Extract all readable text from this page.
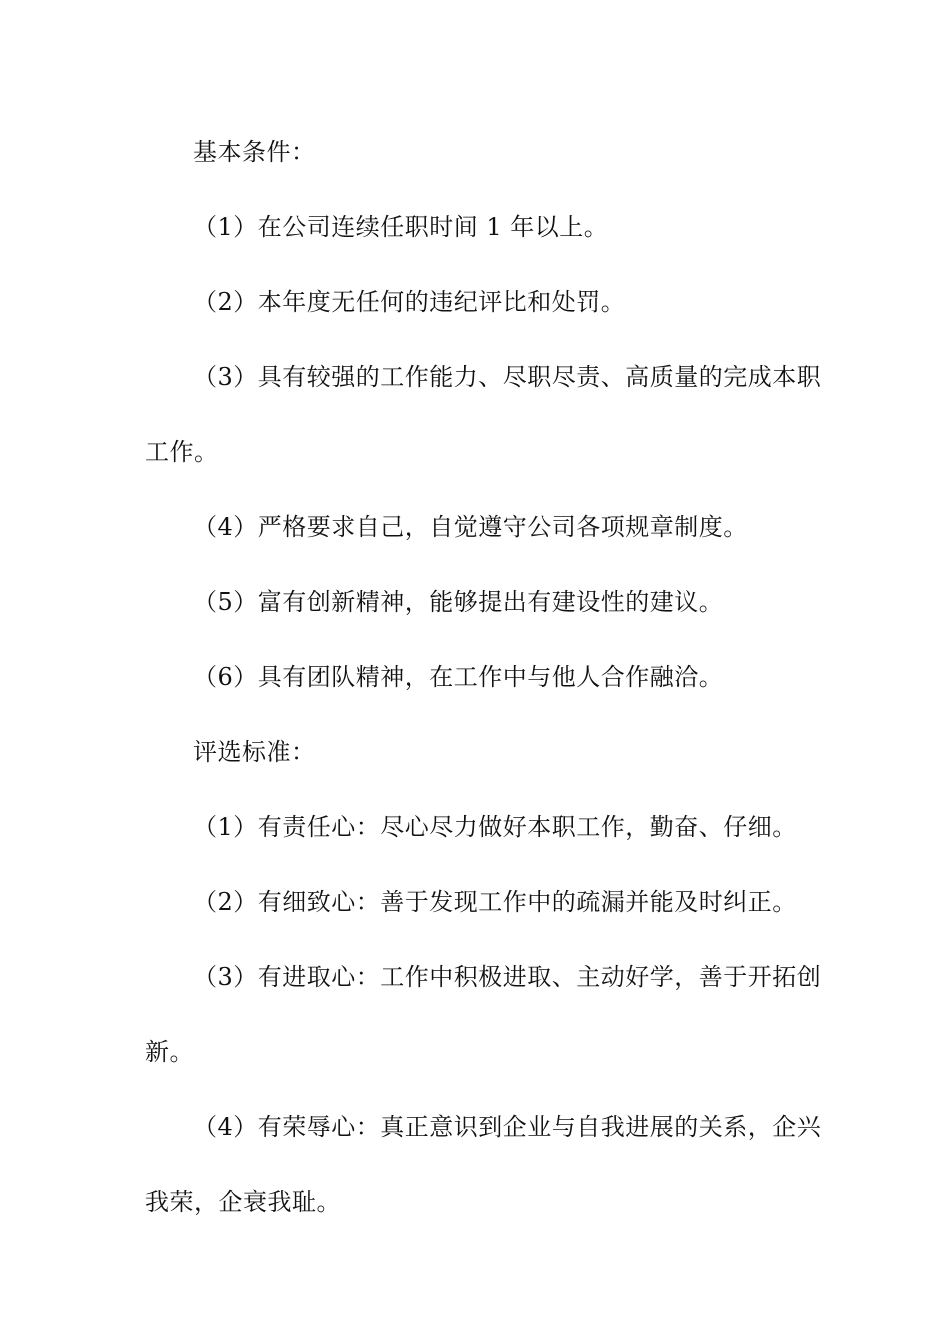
基本条件：
（1）在公司连续任职时间 1 年以上。
（2）本年度无任何的违纪评比和处罚。
（3）具有较强的工作能力、尽职尽责、高质量的完成本职
工作。
（4）严格要求自己，自觉遵守公司各项规章制度。
（5）富有创新精神，能够提出有建设性的建议。
（6）具有团队精神，在工作中与他人合作融洽。
评选标准：
（1）有责任心：尽心尽力做好本职工作，勤奋、仔细。
（2）有细致心：善于发现工作中的疏漏并能及时纠正。
（3）有进取心：工作中积极进取、主动好学，善于开拓创
新。
（4）有荣辱心：真正意识到企业与自我进展的关系，企兴
我荣，企衰我耻。
